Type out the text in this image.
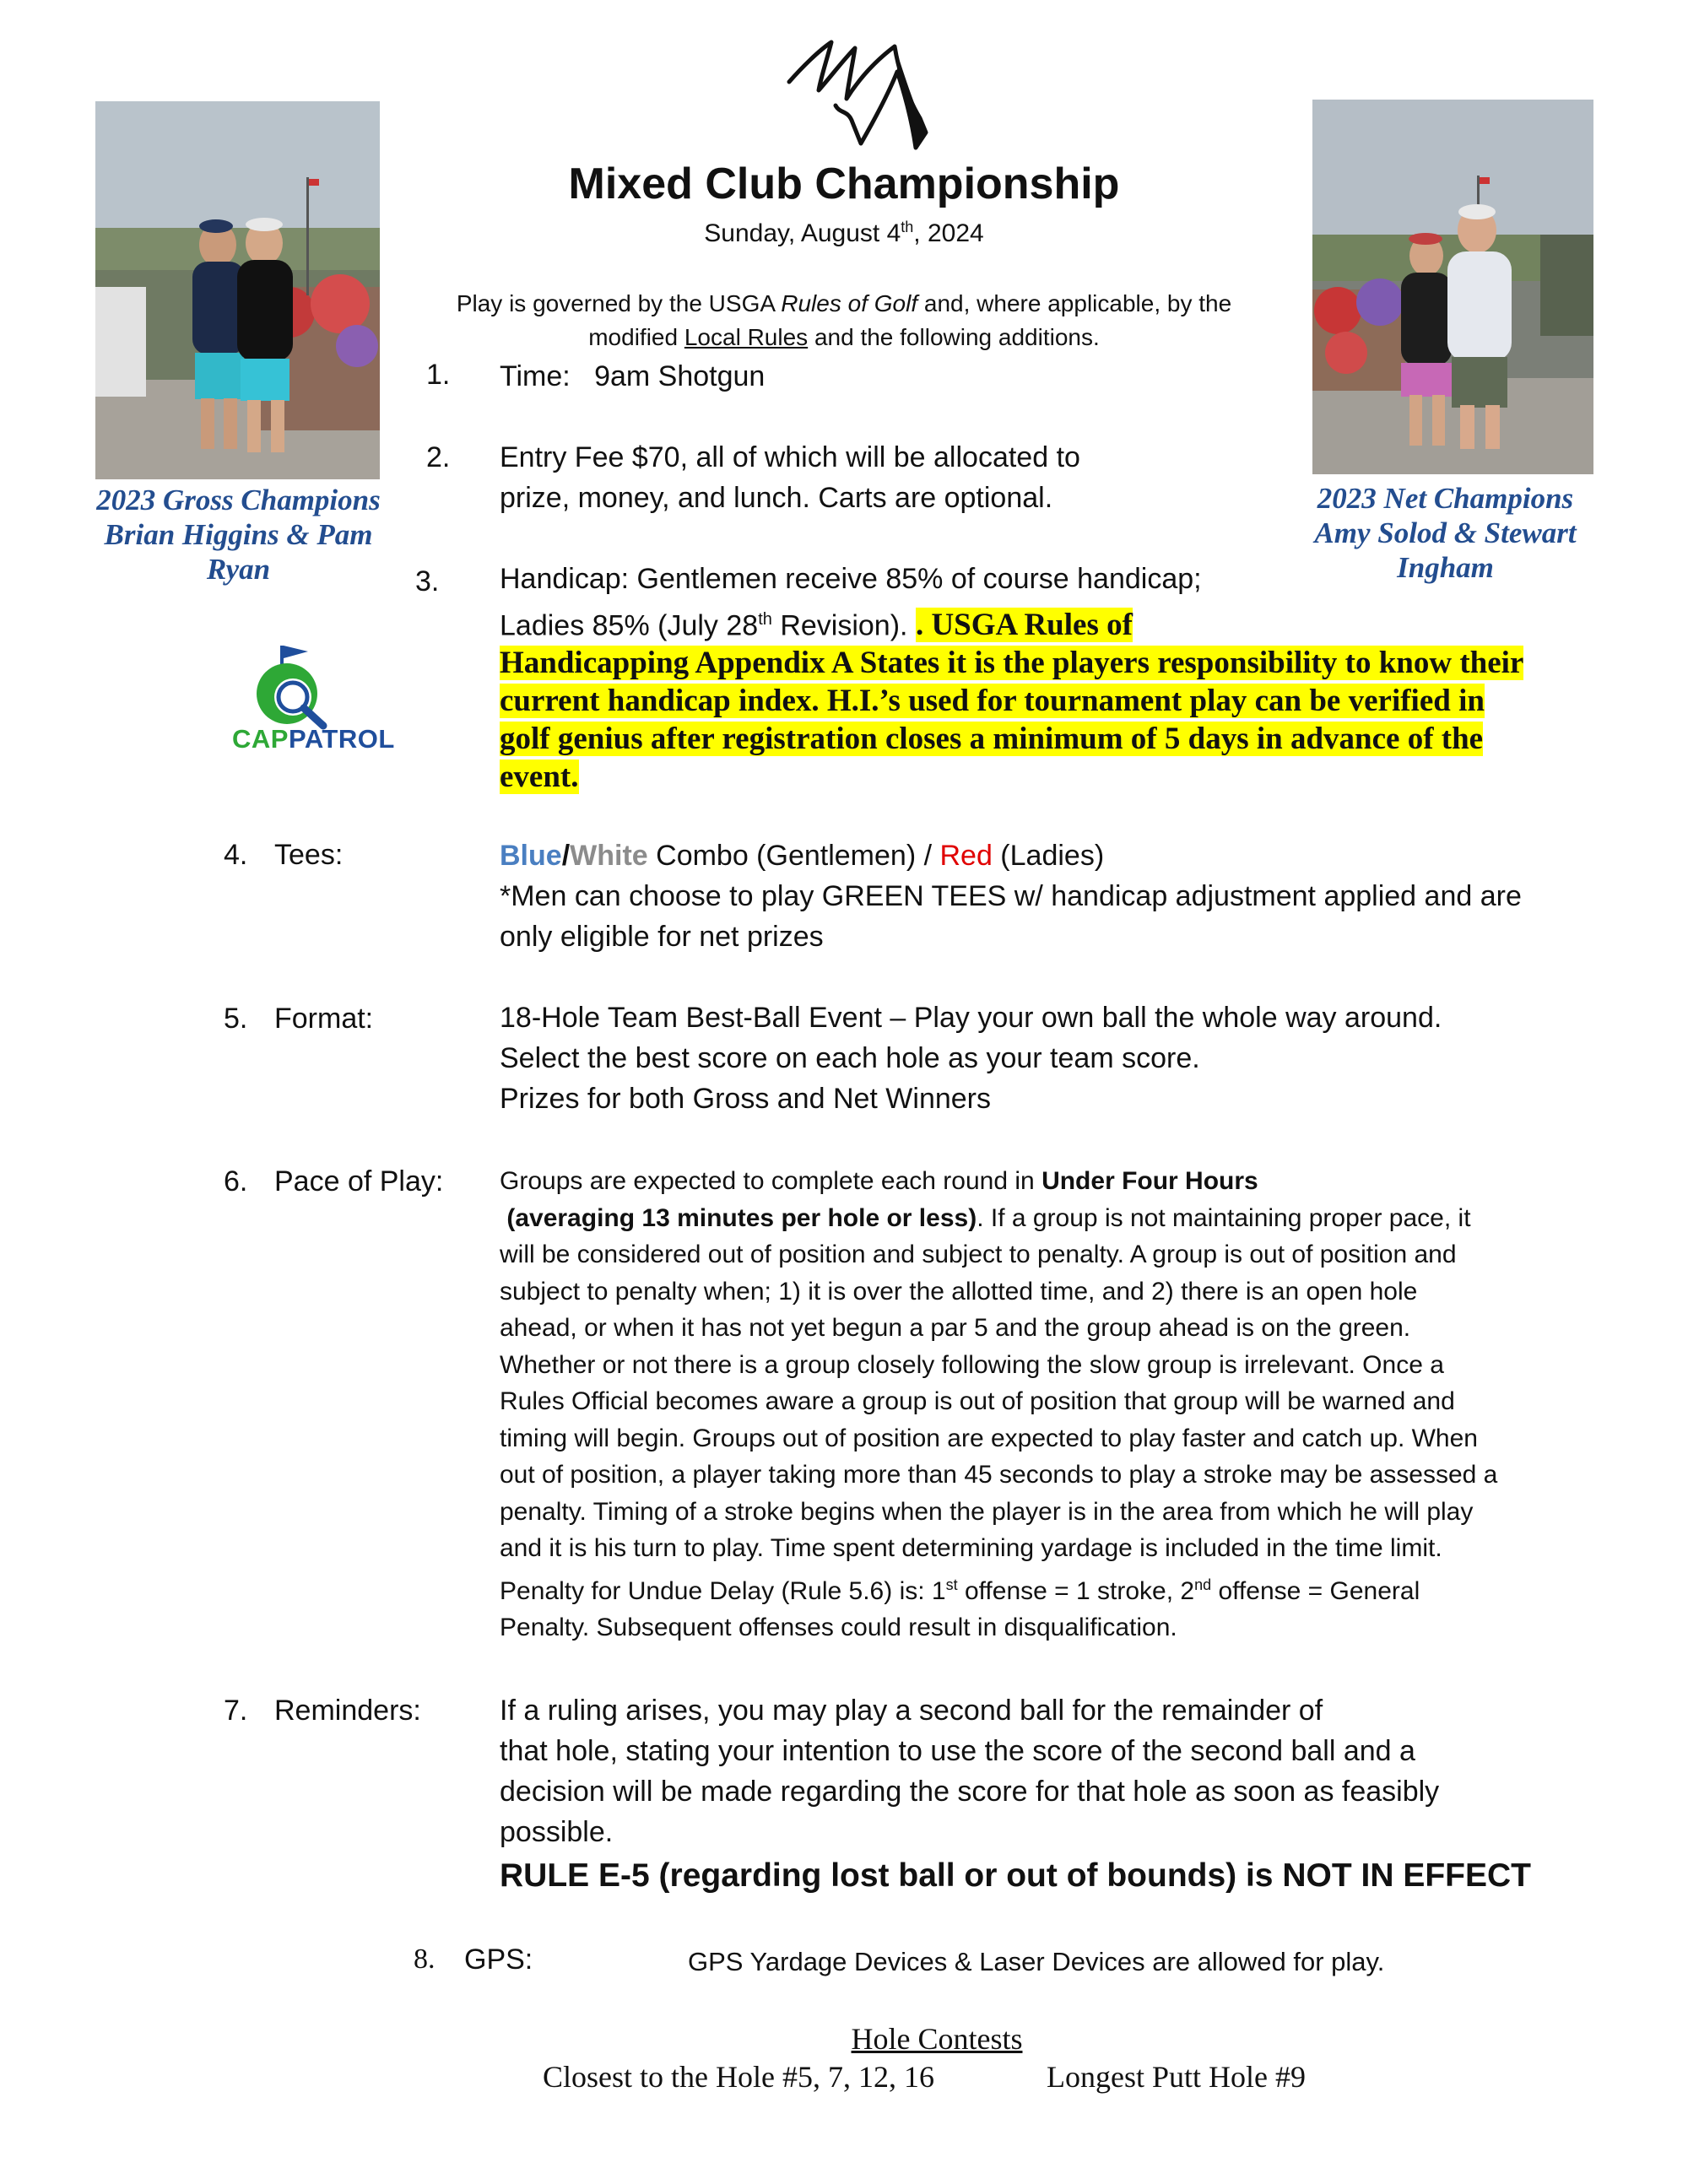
Mixed Club Championship
Sunday, August 4th, 2024
Play is governed by the USGA Rules of Golf and, where applicable, by the
modified Local Rules and the following additions.
2023 Gross Champions
Brian Higgins & Pam
Ryan
2023 Net Champions
Amy Solod & Stewart
Ingham
CAPPATROL
1. Time:   9am Shotgun
2. Entry Fee $70, all of which will be allocated to
prize, money, and lunch. Carts are optional.
3. Handicap: Gentlemen receive 85% of course handicap;
Ladies 85% (July 28th Revision). . USGA Rules of
Handicapping Appendix A States it is the players responsibility to know their
current handicap index. H.I.’s used for tournament play can be verified in
golf genius after registration closes a minimum of 5 days in advance of the
event.
4. Tees:	Blue/White Combo (Gentlemen) / Red (Ladies)
*Men can choose to play GREEN TEES w/ handicap adjustment applied and are
only eligible for net prizes
5. Format:	18-Hole Team Best-Ball Event – Play your own ball the whole way around.
Select the best score on each hole as your team score.
Prizes for both Gross and Net Winners
6. Pace of Play: Groups are expected to complete each round in Under Four Hours
(averaging 13 minutes per hole or less). If a group is not maintaining proper pace, it
will be considered out of position and subject to penalty. A group is out of position and
subject to penalty when; 1) it is over the allotted time, and 2) there is an open hole
ahead, or when it has not yet begun a par 5 and the group ahead is on the green.
Whether or not there is a group closely following the slow group is irrelevant. Once a
Rules Official becomes aware a group is out of position that group will be warned and
timing will begin. Groups out of position are expected to play faster and catch up. When
out of position, a player taking more than 45 seconds to play a stroke may be assessed a
penalty. Timing of a stroke begins when the player is in the area from which he will play
and it is his turn to play. Time spent determining yardage is included in the time limit.
Penalty for Undue Delay (Rule 5.6) is: 1st offense = 1 stroke, 2nd offense = General
Penalty. Subsequent offenses could result in disqualification.
7. Reminders:	If a ruling arises, you may play a second ball for the remainder of
that hole, stating your intention to use the score of the second ball and a
decision will be made regarding the score for that hole as soon as feasibly
possible.
RULE E-5 (regarding lost ball or out of bounds) is NOT IN EFFECT
8. GPS:	GPS Yardage Devices & Laser Devices are allowed for play.
Hole Contests
Closest to the Hole #5, 7, 12, 16	Longest Putt Hole #9
